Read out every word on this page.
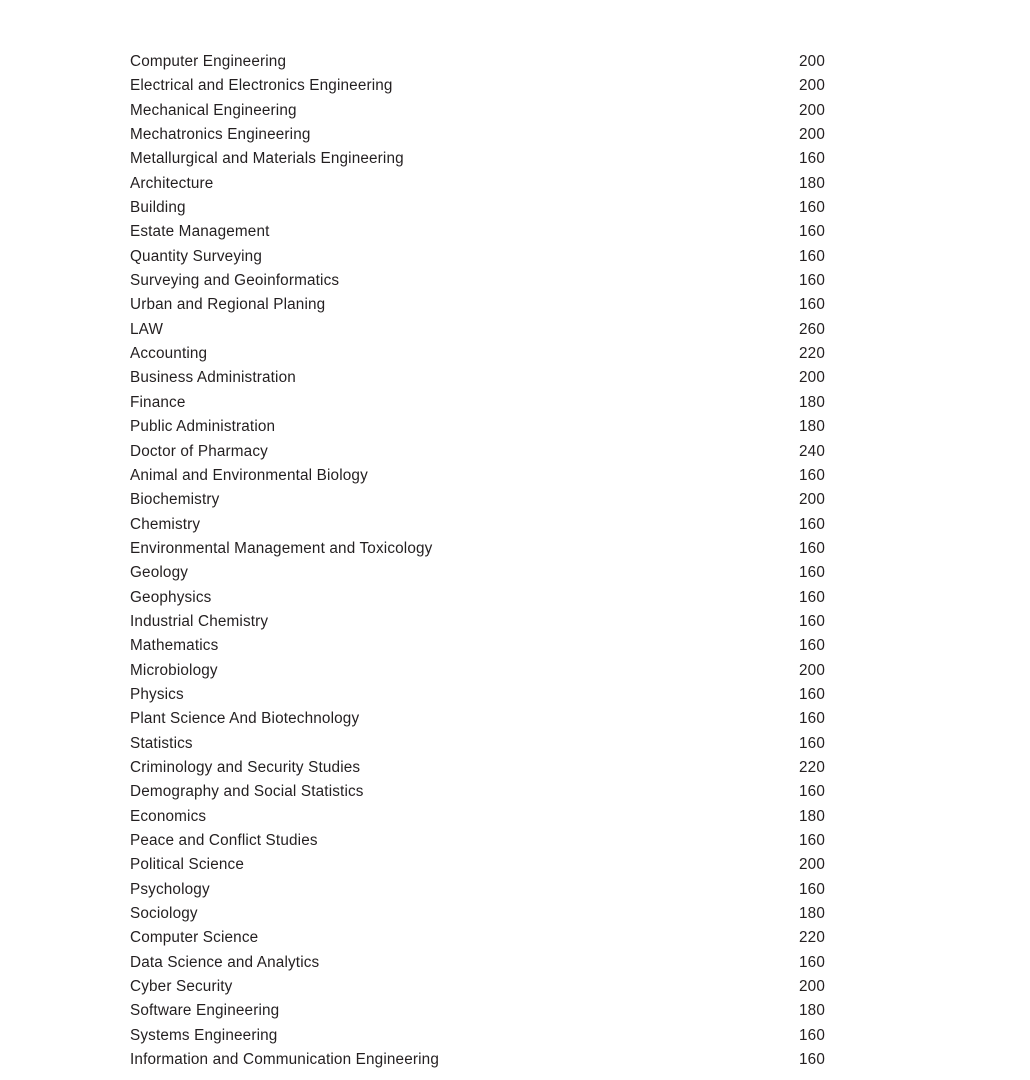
Computer Engineering	200
Electrical and Electronics Engineering	200
Mechanical Engineering	200
Mechatronics Engineering	200
Metallurgical and Materials Engineering	160
Architecture	180
Building	160
Estate Management	160
Quantity Surveying	160
Surveying and Geoinformatics	160
Urban and Regional Planing	160
LAW	260
Accounting	220
Business Administration	200
Finance	180
Public Administration	180
Doctor of Pharmacy	240
Animal and Environmental Biology	160
Biochemistry	200
Chemistry	160
Environmental Management and Toxicology	160
Geology	160
Geophysics	160
Industrial Chemistry	160
Mathematics	160
Microbiology	200
Physics	160
Plant Science And Biotechnology	160
Statistics	160
Criminology and Security Studies	220
Demography and Social Statistics	160
Economics	180
Peace and Conflict Studies	160
Political Science	200
Psychology	160
Sociology	180
Computer Science	220
Data Science and Analytics	160
Cyber Security	200
Software Engineering	180
Systems Engineering	160
Information and Communication Engineering	160
